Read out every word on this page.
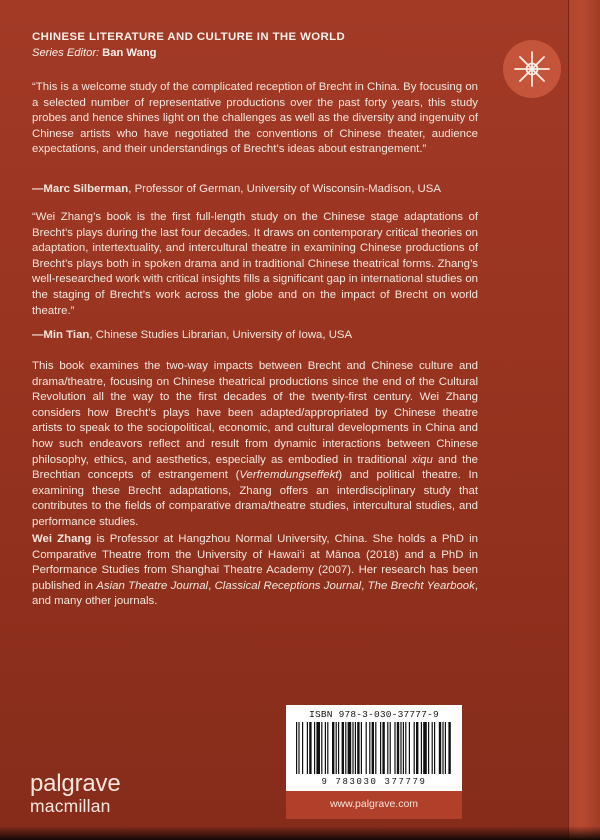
CHINESE LITERATURE AND CULTURE IN THE WORLD
Series Editor: Ban Wang
“This is a welcome study of the complicated reception of Brecht in China. By focusing on a selected number of representative productions over the past forty years, this study probes and hence shines light on the challenges as well as the diversity and ingenuity of Chinese artists who have negotiated the conventions of Chinese theater, audience expectations, and their understandings of Brecht’s ideas about estrangement.”
—Marc Silberman, Professor of German, University of Wisconsin-Madison, USA
“Wei Zhang’s book is the first full-length study on the Chinese stage adaptations of Brecht’s plays during the last four decades. It draws on contemporary critical theories on adaptation, intertextuality, and intercultural theatre in examining Chinese productions of Brecht’s plays both in spoken drama and in traditional Chinese theatrical forms. Zhang’s well-researched work with critical insights fills a significant gap in international studies on the staging of Brecht’s work across the globe and on the impact of Brecht on world theatre.”
—Min Tian, Chinese Studies Librarian, University of Iowa, USA

This book examines the two-way impacts between Brecht and Chinese culture and drama/theatre, focusing on Chinese theatrical productions since the end of the Cultural Revolution all the way to the first decades of the twenty-first century. Wei Zhang considers how Brecht’s plays have been adapted/appropriated by Chinese theatre artists to speak to the sociopolitical, economic, and cultural developments in China and how such endeavors reflect and result from dynamic interactions between Chinese philosophy, ethics, and aesthetics, especially as embodied in traditional xiqu and the Brechtian concepts of estrangement (Verfremdungseffekt) and political theatre. In examining these Brecht adaptations, Zhang offers an interdisciplinary study that contributes to the fields of comparative drama/theatre studies, intercultural studies, and performance studies.

Wei Zhang is Professor at Hangzhou Normal University, China. She holds a PhD in Comparative Theatre from the University of Hawai‘i at Mānoa (2018) and a PhD in Performance Studies from Shanghai Theatre Academy (2007). Her research has been published in Asian Theatre Journal, Classical Receptions Journal, The Brecht Yearbook, and many other journals.
ISBN 978-3-030-37777-9
9 783030 377779
www.palgrave.com
palgrave
macmillan
